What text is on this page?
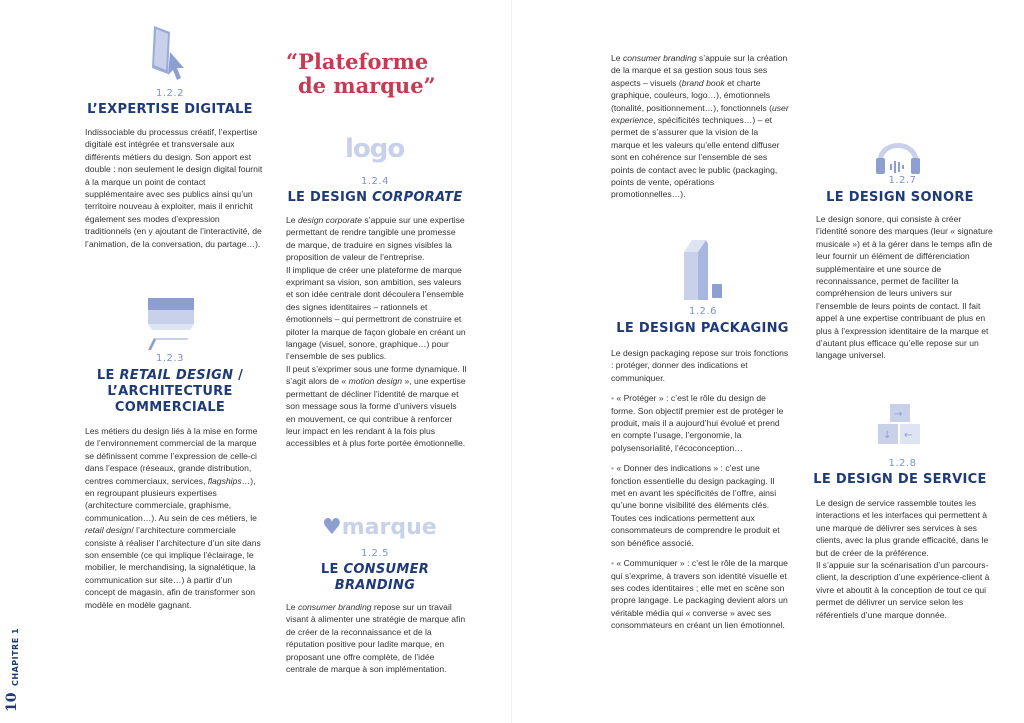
1.2.2
L’EXPERTISE DIGITALE

Indissociable du processus créatif, l’expertise digitale est intégrée et transversale aux différents métiers du design. Son apport est double : non seulement le design digital fournit à la marque un point de contact supplémentaire avec ses publics ainsi qu’un territoire nouveau à exploiter, mais il enrichit également ses modes d’expression traditionnels (en y ajoutant de l’interactivité, de l’animation, de la conversation, du partage…).

1.2.3
LE RETAIL DESIGN / L’ARCHITECTURE COMMERCIALE

Les métiers du design liés à la mise en forme de l’environnement commercial de la marque se définissent comme l’expression de celle-ci dans l’espace (réseaux, grande distribution, centres commerciaux, services, flagships…), en regroupant plusieurs expertises (architecture commerciale, graphisme, communication…). Au sein de ces métiers, le retail design/ l’architecture commerciale consiste à réaliser l’architecture d’un site dans son ensemble (ce qui implique l’éclairage, le mobilier, le merchandising, la signalétique, la communication sur site…) à partir d’un concept de magasin, afin de transformer son modèle en modèle gagnant.

“Plateforme
de marque”
logo
1.2.4
LE DESIGN CORPORATE

Le design corporate s’appuie sur une expertise permettant de rendre tangible une promesse de marque, de traduire en signes visibles la proposition de valeur de l’entreprise.

Il implique de créer une plateforme de marque exprimant sa vision, son ambition, ses valeurs et son idée centrale dont découlera l’ensemble des signes identitaires – rationnels et émotionnels – qui permettront de construire et piloter la marque de façon globale en créant un langage (visuel, sonore, graphique…) pour l’ensemble de ses publics.

Il peut s’exprimer sous une forme dynamique. Il s’agit alors de « motion design », une expertise permettant de décliner l’identité de marque et son message sous la forme d’univers visuels en mouvement, ce qui contribue à renforcer leur impact en les rendant à la fois plus accessibles et à plus forte portée émotionnelle.

♥marque
1.2.5
LE CONSUMER BRANDING

Le consumer branding repose sur un travail visant à alimenter une stratégie de marque afin de créer de la reconnaissance et de la réputation positive pour ladite marque, en proposant une offre complète, de l’idée centrale de marque à son implémentation.

Le consumer branding s’appuie sur la création de la marque et sa gestion sous tous ses aspects – visuels (brand book et charte graphique, couleurs, logo…), émotionnels (tonalité, positionnement…), fonctionnels (user experience, spécificités techniques…) – et permet de s’assurer que la vision de la marque et les valeurs qu’elle entend diffuser sont en cohérence sur l’ensemble de ses points de contact avec le public (packaging, points de vente, opérations promotionnelles…).

1.2.6
LE DESIGN PACKAGING

Le design packaging repose sur trois fonctions : protéger, donner des indications et communiquer.

• « Protéger » : c’est le rôle du design de forme. Son objectif premier est de protéger le produit, mais il a aujourd’hui évolué et prend en compte l’usage, l’ergonomie, la polysensorialité, l’écoconception…

• « Donner des indications » : c’est une fonction essentielle du design packaging. Il met en avant les spécificités de l’offre, ainsi qu’une bonne visibilité des éléments clés. Toutes ces indications permettent aux consommateurs de comprendre le produit et son bénéfice associé.

• « Communiquer » : c’est le rôle de la marque qui s’exprime, à travers son identité visuelle et ses codes identitaires ; elle met en scène son propre langage. Le packaging devient alors un véritable média qui « converse » avec ses consommateurs en créant un lien émotionnel.

1.2.7
LE DESIGN SONORE

Le design sonore, qui consiste à créer l’identité sonore des marques (leur « signature musicale ») et à la gérer dans le temps afin de leur fournir un élément de différenciation supplémentaire et une source de reconnaissance, permet de faciliter la compréhension de leurs univers sur l’ensemble de leurs points de contact. Il fait appel à une expertise contribuant de plus en plus à l’expression identitaire de la marque et d’autant plus efficace qu’elle repose sur un langage universel.

→
↓ ←
1.2.8
LE DESIGN DE SERVICE

Le design de service rassemble toutes les interactions et les interfaces qui permettent à une marque de délivrer ses services à ses clients, avec la plus grande efficacité, dans le but de créer de la préférence.

Il s’appuie sur la scénarisation d’un parcours-client, la description d’une expérience-client à vivre et aboutit à la conception de tout ce qui permet de délivrer un service selon les référentiels d’une marque donnée.

CHAPITRE 1
10
